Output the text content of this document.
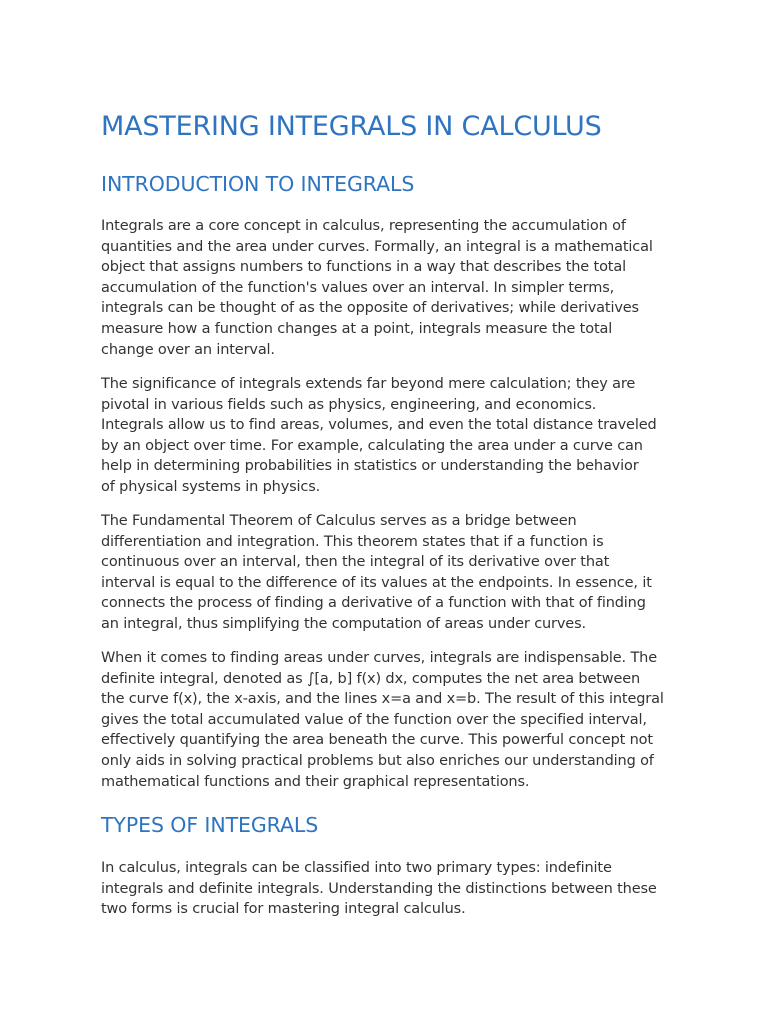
MASTERING INTEGRALS IN CALCULUS
INTRODUCTION TO INTEGRALS

Integrals are a core concept in calculus, representing the accumulation of
quantities and the area under curves. Formally, an integral is a mathematical
object that assigns numbers to functions in a way that describes the total
accumulation of the function's values over an interval. In simpler terms,
integrals can be thought of as the opposite of derivatives; while derivatives
measure how a function changes at a point, integrals measure the total
change over an interval.

The significance of integrals extends far beyond mere calculation; they are
pivotal in various fields such as physics, engineering, and economics.
Integrals allow us to find areas, volumes, and even the total distance traveled
by an object over time. For example, calculating the area under a curve can
help in determining probabilities in statistics or understanding the behavior
of physical systems in physics.

The Fundamental Theorem of Calculus serves as a bridge between
differentiation and integration. This theorem states that if a function is
continuous over an interval, then the integral of its derivative over that
interval is equal to the difference of its values at the endpoints. In essence, it
connects the process of finding a derivative of a function with that of finding
an integral, thus simplifying the computation of areas under curves.

When it comes to finding areas under curves, integrals are indispensable. The
definite integral, denoted as ∫[a, b] f(x) dx, computes the net area between
the curve f(x), the x-axis, and the lines x=a and x=b. The result of this integral
gives the total accumulated value of the function over the specified interval,
effectively quantifying the area beneath the curve. This powerful concept not
only aids in solving practical problems but also enriches our understanding of
mathematical functions and their graphical representations.

TYPES OF INTEGRALS

In calculus, integrals can be classified into two primary types: indefinite
integrals and definite integrals. Understanding the distinctions between these
two forms is crucial for mastering integral calculus.
